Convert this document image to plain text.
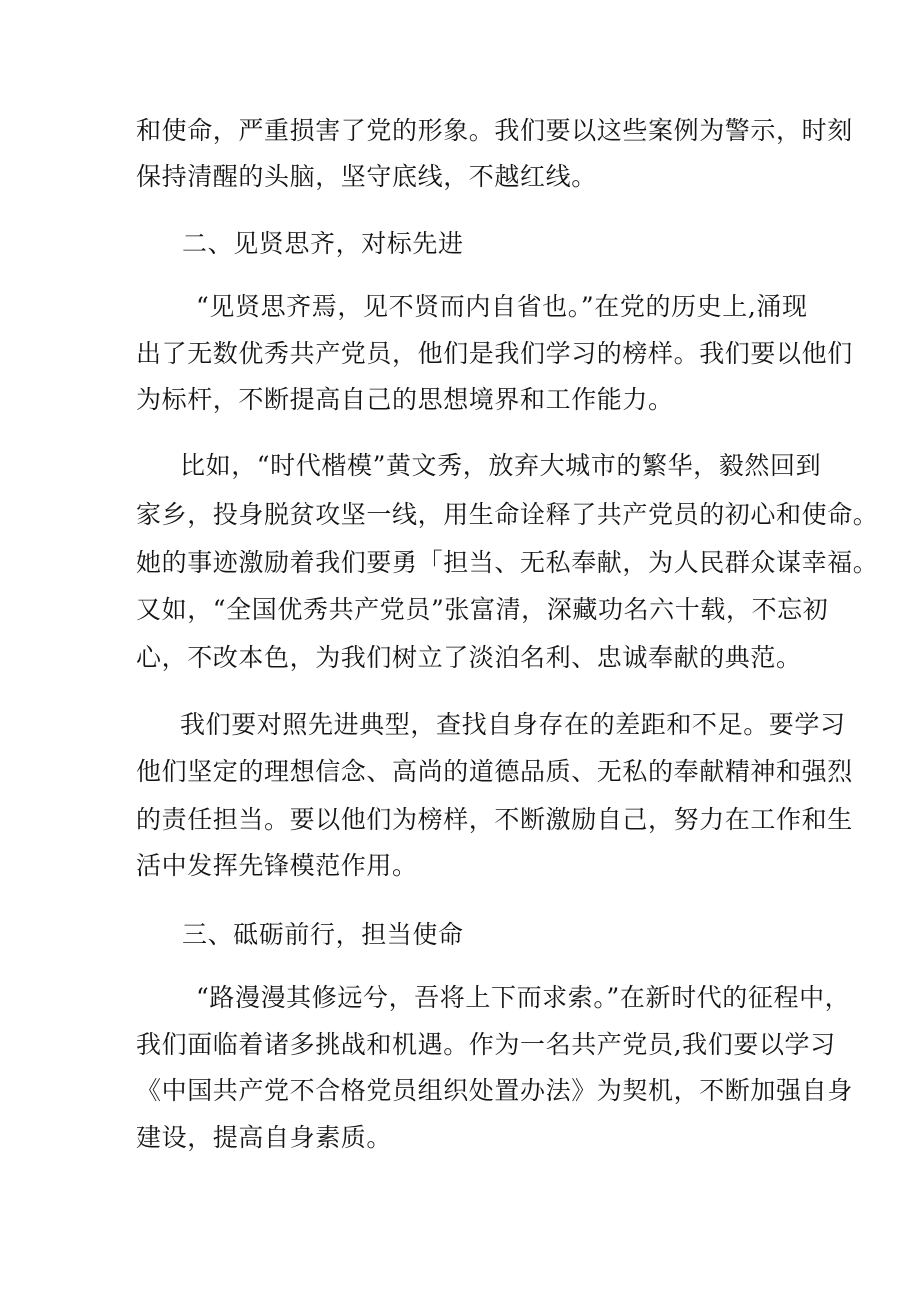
和使命，严重损害了党的形象。我们要以这些案例为警示，时刻
保持清醒的头脑，坚守底线，不越红线。
二、见贤思齐，对标先进
“见贤思齐焉，见不贤而内自省也。”在党的历史上,涌现
出了无数优秀共产党员，他们是我们学习的榜样。我们要以他们
为标杆，不断提高自己的思想境界和工作能力。
比如，“时代楷模”黄文秀，放弃大城市的繁华，毅然回到
家乡，投身脱贫攻坚一线，用生命诠释了共产党员的初心和使命。
她的事迹激励着我们要勇「担当、无私奉献，为人民群众谋幸福。
又如，“全国优秀共产党员”张富清，深藏功名六十载，不忘初
心，不改本色，为我们树立了淡泊名利、忠诚奉献的典范。
我们要对照先进典型，查找自身存在的差距和不足。要学习
他们坚定的理想信念、高尚的道德品质、无私的奉献精神和强烈
的责任担当。要以他们为榜样，不断激励自己，努力在工作和生
活中发挥先锋模范作用。
三、砥砺前行，担当使命
“路漫漫其修远兮，吾将上下而求索。”在新时代的征程中，
我们面临着诸多挑战和机遇。作为一名共产党员,我们要以学习
《中国共产党不合格党员组织处置办法》为契机，不断加强自身
建设，提高自身素质。
